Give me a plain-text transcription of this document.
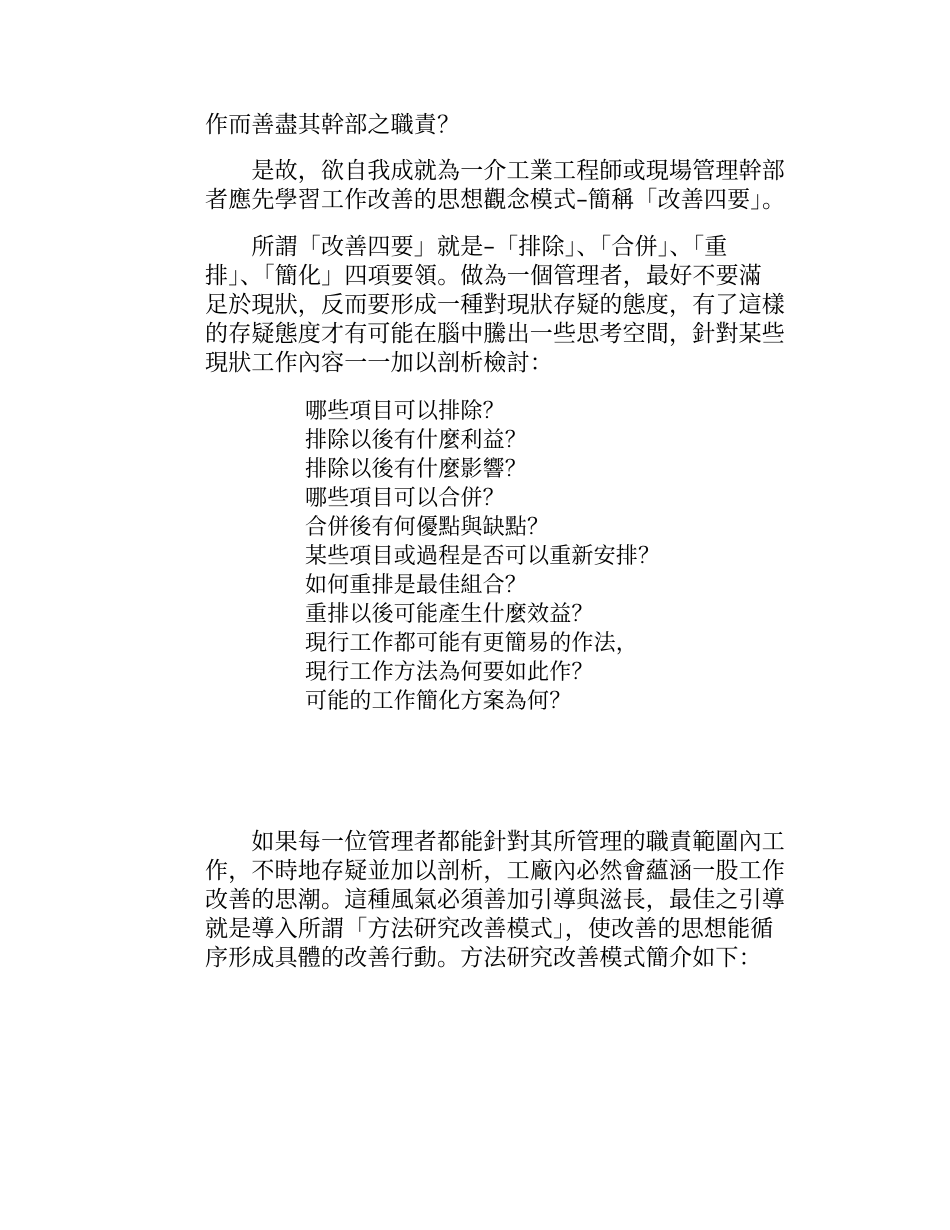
作而善盡其幹部之職責？
　　是故，欲自我成就為一介工業工程師或現場管理幹部
者應先學習工作改善的思想觀念模式–簡稱「改善四要」。
　　所謂「改善四要」就是–「排除」、「合併」、「重
排」、「簡化」四項要領。做為一個管理者，最好不要滿
足於現狀，反而要形成一種對現狀存疑的態度，有了這樣
的存疑態度才有可能在腦中騰出一些思考空間，針對某些
現狀工作內容一一加以剖析檢討：
哪些項目可以排除？
排除以後有什麼利益？
排除以後有什麼影響？
哪些項目可以合併？
合併後有何優點與缺點？
某些項目或過程是否可以重新安排？
如何重排是最佳組合？
重排以後可能產生什麼效益？
現行工作都可能有更簡易的作法，
現行工作方法為何要如此作？
可能的工作簡化方案為何？
　　如果每一位管理者都能針對其所管理的職責範圍內工
作，不時地存疑並加以剖析，工廠內必然會蘊涵一股工作
改善的思潮。這種風氣必須善加引導與滋長，最佳之引導
就是導入所謂「方法研究改善模式」，使改善的思想能循
序形成具體的改善行動。方法研究改善模式簡介如下：
